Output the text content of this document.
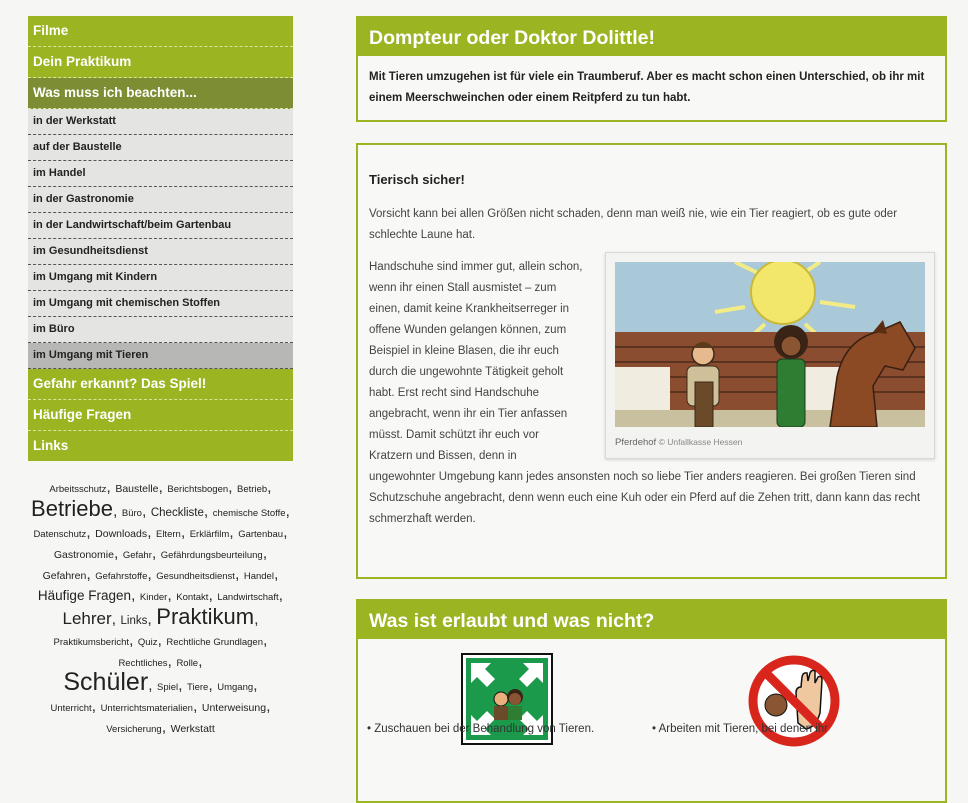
Filme
Dein Praktikum
Was muss ich beachten...
in der Werkstatt
auf der Baustelle
im Handel
in der Gastronomie
in der Landwirtschaft/beim Gartenbau
im Gesundheitsdienst
im Umgang mit Kindern
im Umgang mit chemischen Stoffen
im Büro
im Umgang mit Tieren
Gefahr erkannt? Das Spiel!
Häufige Fragen
Links
Arbeitsschutz, Baustelle, Berichtsbogen, Betrieb,
Betriebe, Büro, Checkliste, chemische Stoffe, Datenschutz, Downloads, Eltern, Erklärfilm, Gartenbau, Gastronomie, Gefahr, Gefährdungsbeurteilung, Gefahren, Gefahrstoffe, Gesundheitsdienst, Handel, Häufige Fragen, Kinder, Kontakt, Landwirtschaft, Lehrer, Links, Praktikum, Praktikumsbericht, Quiz, Rechtliche Grundlagen, Rechtliches, Rolle,
Schüler, Spiel, Tiere, Umgang,
Unterricht, Unterrichtsmaterialien, Unterweisung, Versicherung, Werkstatt
Dompteur oder Doktor Dolittle!
Mit Tieren umzugehen ist für viele ein Traumberuf. Aber es macht schon einen Unterschied, ob ihr mit einem Meerschweinchen oder einem Reitpferd zu tun habt.
Tierisch sicher!

Vorsicht kann bei allen Größen nicht schaden, denn man weiß nie, wie ein Tier reagiert, ob es gute oder schlechte Laune hat.

Pferdehof © Unfallkasse Hessen

Handschuhe sind immer gut, allein schon, wenn ihr einen Stall ausmistet – zum einen, damit keine Krankheitserreger in offene Wunden gelangen können, zum Beispiel in kleine Blasen, die ihr euch durch die ungewohnte Tätigkeit geholt habt. Erst recht sind Handschuhe angebracht, wenn ihr ein Tier anfassen müsst. Damit schützt ihr euch vor Kratzern und Bissen, denn in ungewohnter Umgebung kann jedes ansonsten noch so liebe Tier anders reagieren. Bei großen Tieren sind Schutzschuhe angebracht, denn wenn euch eine Kuh oder ein Pferd auf die Zehen tritt, dann kann das recht schmerzhaft werden.

Was ist erlaubt und was nicht?
• Zuschauen bei der Behandlung von Tieren.	• Arbeiten mit Tieren, bei denen ihr
